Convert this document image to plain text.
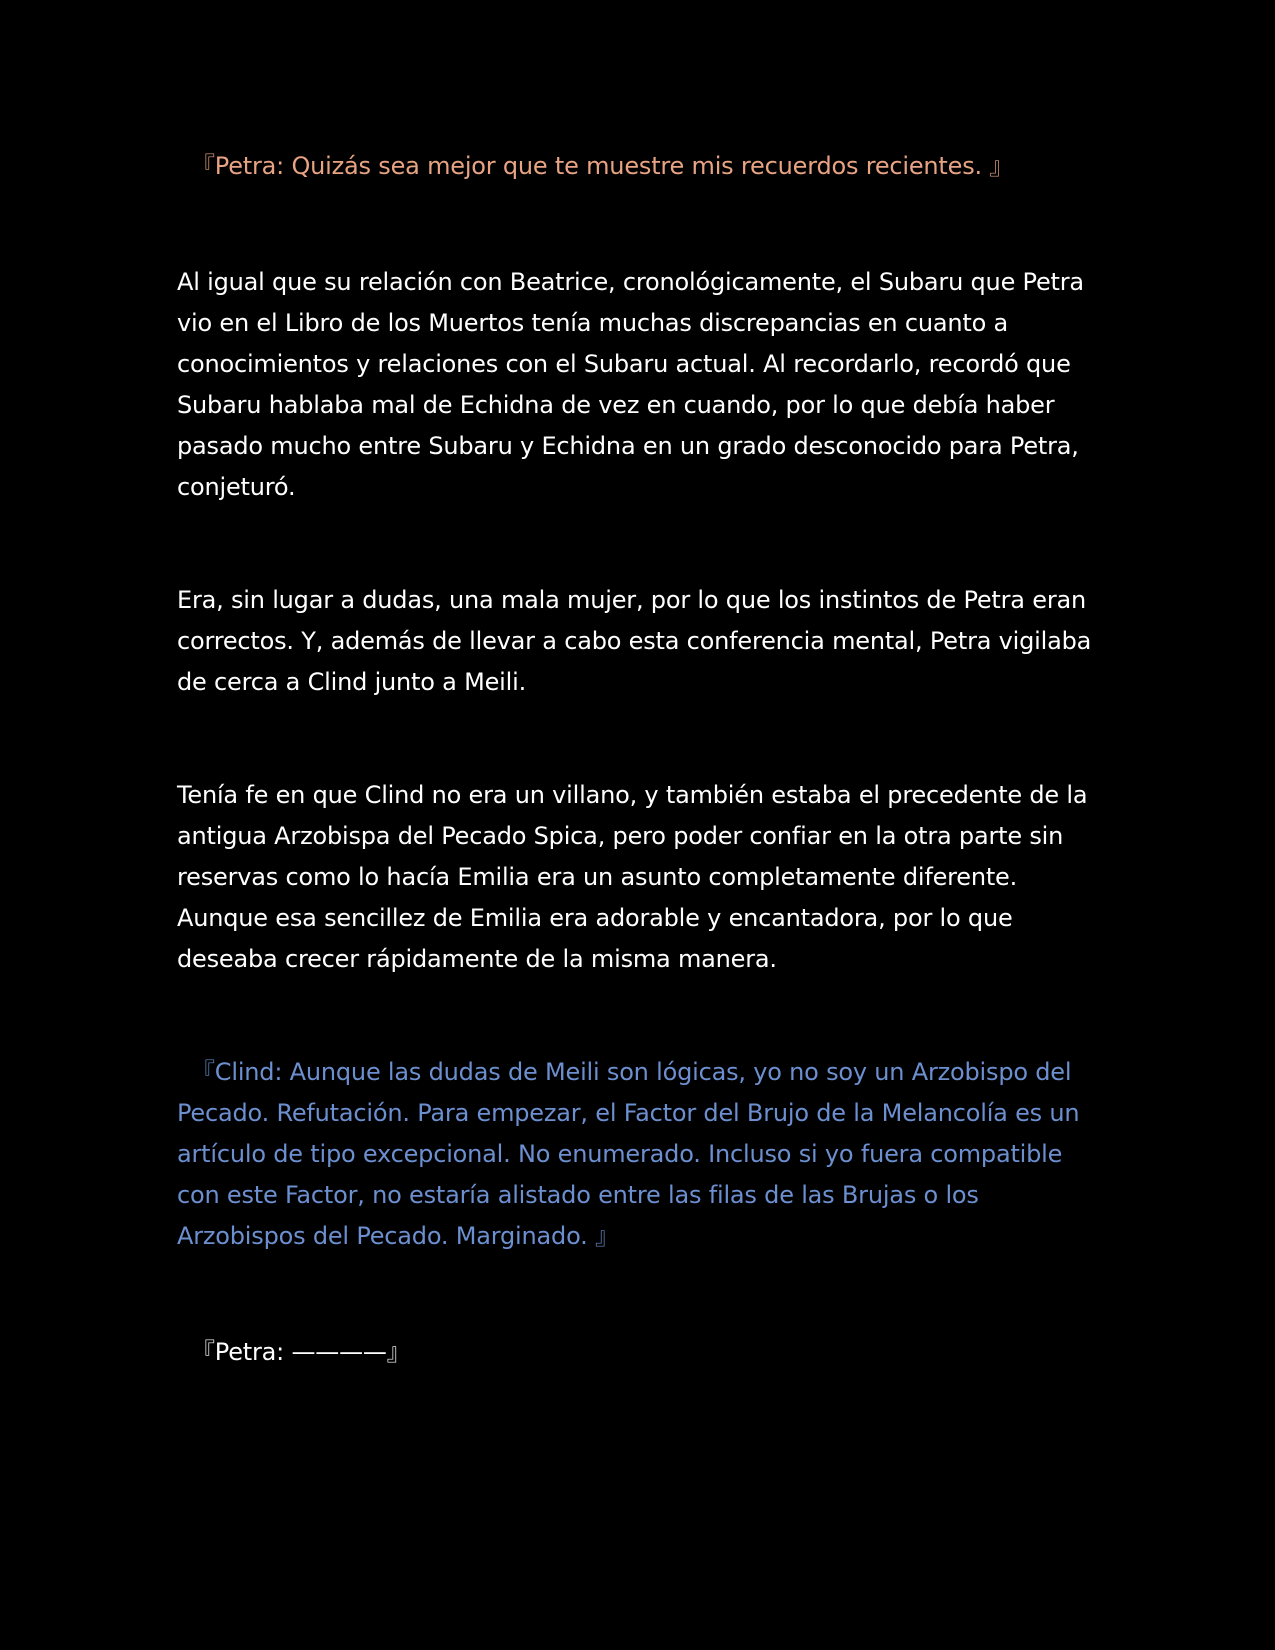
『Petra: Quizás sea mejor que te muestre mis recuerdos recientes. 』

Al igual que su relación con Beatrice, cronológicamente, el Subaru que Petra vio en el Libro de los Muertos tenía muchas discrepancias en cuanto a conocimientos y relaciones con el Subaru actual. Al recordarlo, recordó que Subaru hablaba mal de Echidna de vez en cuando, por lo que debía haber pasado mucho entre Subaru y Echidna en un grado desconocido para Petra, conjeturó.

Era, sin lugar a dudas, una mala mujer, por lo que los instintos de Petra eran correctos. Y, además de llevar a cabo esta conferencia mental, Petra vigilaba de cerca a Clind junto a Meili.

Tenía fe en que Clind no era un villano, y también estaba el precedente de la antigua Arzobispa del Pecado Spica, pero poder confiar en la otra parte sin reservas como lo hacía Emilia era un asunto completamente diferente. Aunque esa sencillez de Emilia era adorable y encantadora, por lo que deseaba crecer rápidamente de la misma manera.

『Clind: Aunque las dudas de Meili son lógicas, yo no soy un Arzobispo del Pecado. Refutación. Para empezar, el Factor del Brujo de la Melancolía es un artículo de tipo excepcional. No enumerado. Incluso si yo fuera compatible con este Factor, no estaría alistado entre las filas de las Brujas o los Arzobispos del Pecado. Marginado. 』

『Petra: ————』
